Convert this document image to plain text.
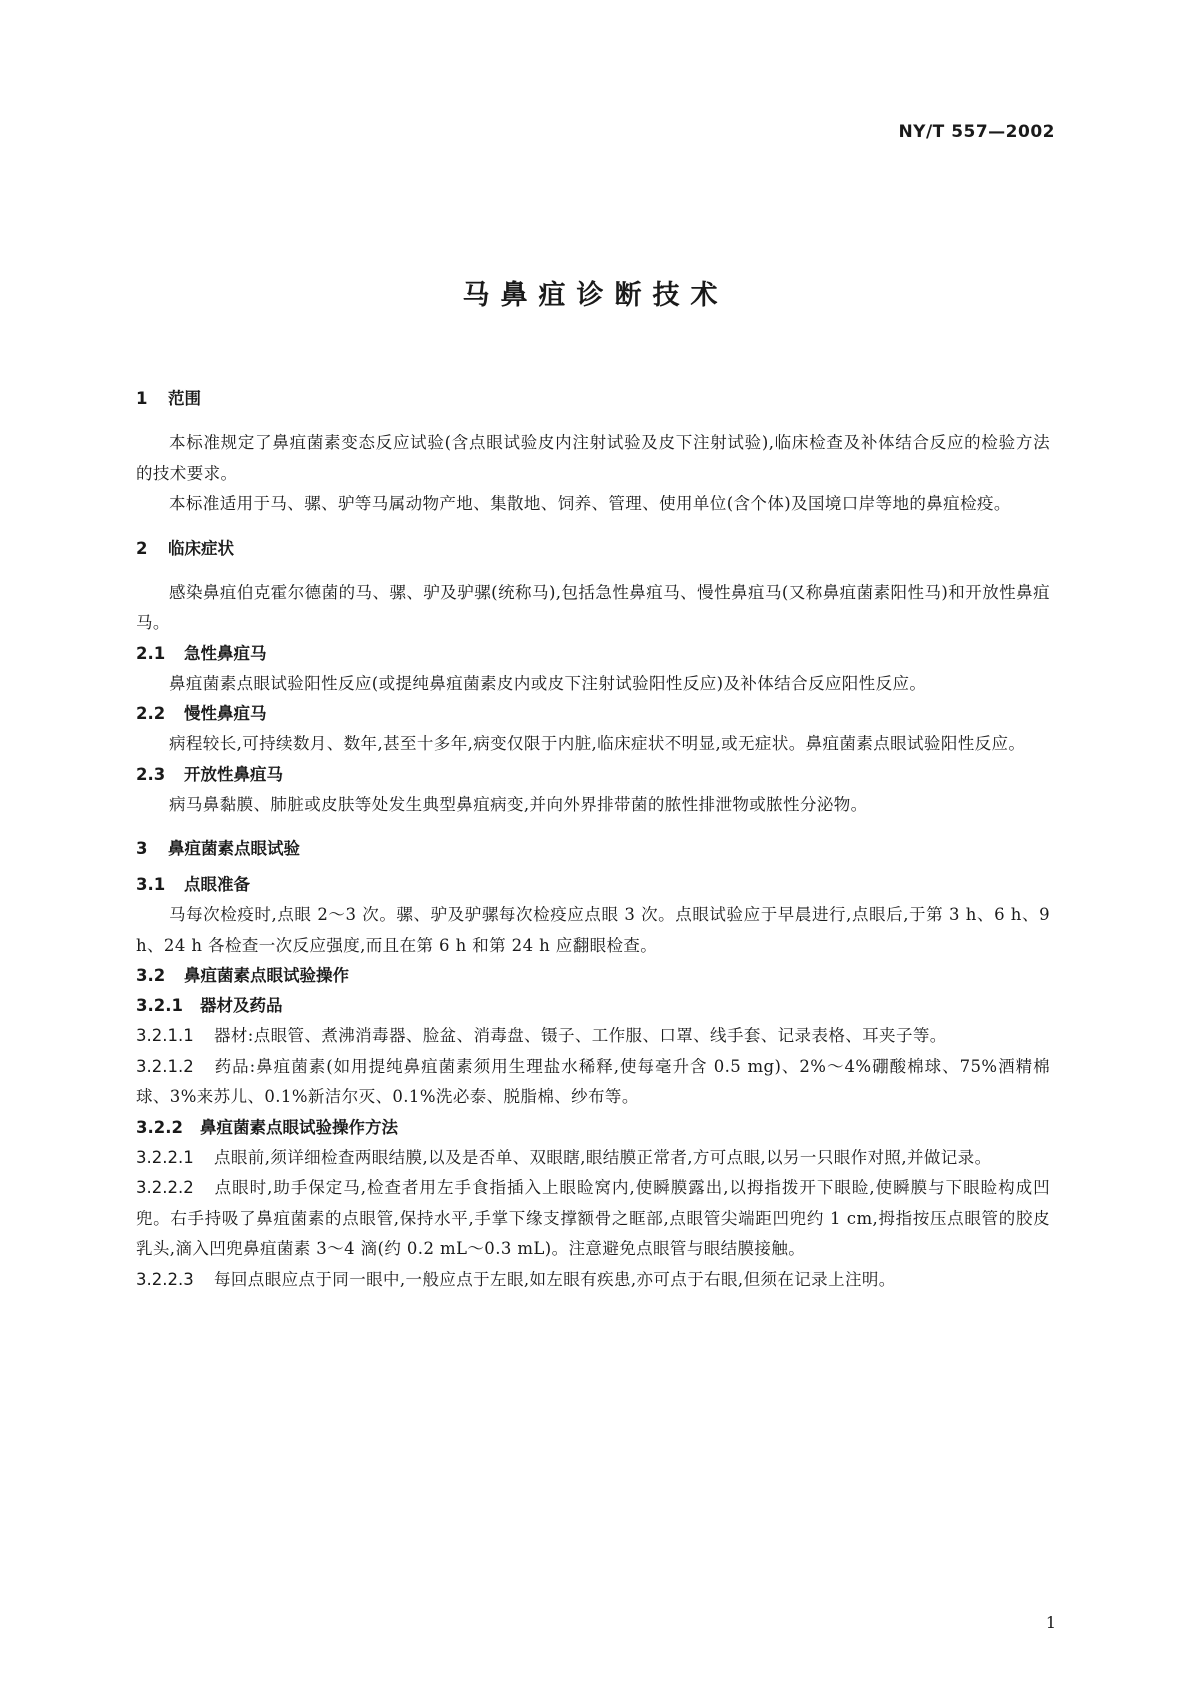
NY/T 557—2002
马鼻疽诊断技术
1 范围
本标准规定了鼻疽菌素变态反应试验(含点眼试验皮内注射试验及皮下注射试验),临床检查及补体结合反应的检验方法的技术要求。
本标准适用于马、骡、驴等马属动物产地、集散地、饲养、管理、使用单位(含个体)及国境口岸等地的鼻疽检疫。
2 临床症状
感染鼻疽伯克霍尔德菌的马、骡、驴及驴骡(统称马),包括急性鼻疽马、慢性鼻疽马(又称鼻疽菌素阳性马)和开放性鼻疽马。
2.1 急性鼻疽马
鼻疽菌素点眼试验阳性反应(或提纯鼻疽菌素皮内或皮下注射试验阳性反应)及补体结合反应阳性反应。
2.2 慢性鼻疽马
病程较长,可持续数月、数年,甚至十多年,病变仅限于内脏,临床症状不明显,或无症状。鼻疽菌素点眼试验阳性反应。
2.3 开放性鼻疽马
病马鼻黏膜、肺脏或皮肤等处发生典型鼻疽病变,并向外界排带菌的脓性排泄物或脓性分泌物。
3 鼻疽菌素点眼试验
3.1 点眼准备
马每次检疫时,点眼 2～3 次。骡、驴及驴骡每次检疫应点眼 3 次。点眼试验应于早晨进行,点眼后,于第 3 h、6 h、9 h、24 h 各检查一次反应强度,而且在第 6 h 和第 24 h 应翻眼检查。
3.2 鼻疽菌素点眼试验操作
3.2.1 器材及药品
3.2.1.1 器材:点眼管、煮沸消毒器、脸盆、消毒盘、镊子、工作服、口罩、线手套、记录表格、耳夹子等。
3.2.1.2 药品:鼻疽菌素(如用提纯鼻疽菌素须用生理盐水稀释,使每毫升含 0.5 mg)、2%～4%硼酸棉球、75%酒精棉球、3%来苏儿、0.1%新洁尔灭、0.1%洗必泰、脱脂棉、纱布等。
3.2.2 鼻疽菌素点眼试验操作方法
3.2.2.1 点眼前,须详细检查两眼结膜,以及是否单、双眼瞎,眼结膜正常者,方可点眼,以另一只眼作对照,并做记录。
3.2.2.2 点眼时,助手保定马,检查者用左手食指插入上眼睑窝内,使瞬膜露出,以拇指拨开下眼睑,使瞬膜与下眼睑构成凹兜。右手持吸了鼻疽菌素的点眼管,保持水平,手掌下缘支撑额骨之眶部,点眼管尖端距凹兜约 1 cm,拇指按压点眼管的胶皮乳头,滴入凹兜鼻疽菌素 3～4 滴(约 0.2 mL～0.3 mL)。注意避免点眼管与眼结膜接触。
3.2.2.3 每回点眼应点于同一眼中,一般应点于左眼,如左眼有疾患,亦可点于右眼,但须在记录上注明。
1
